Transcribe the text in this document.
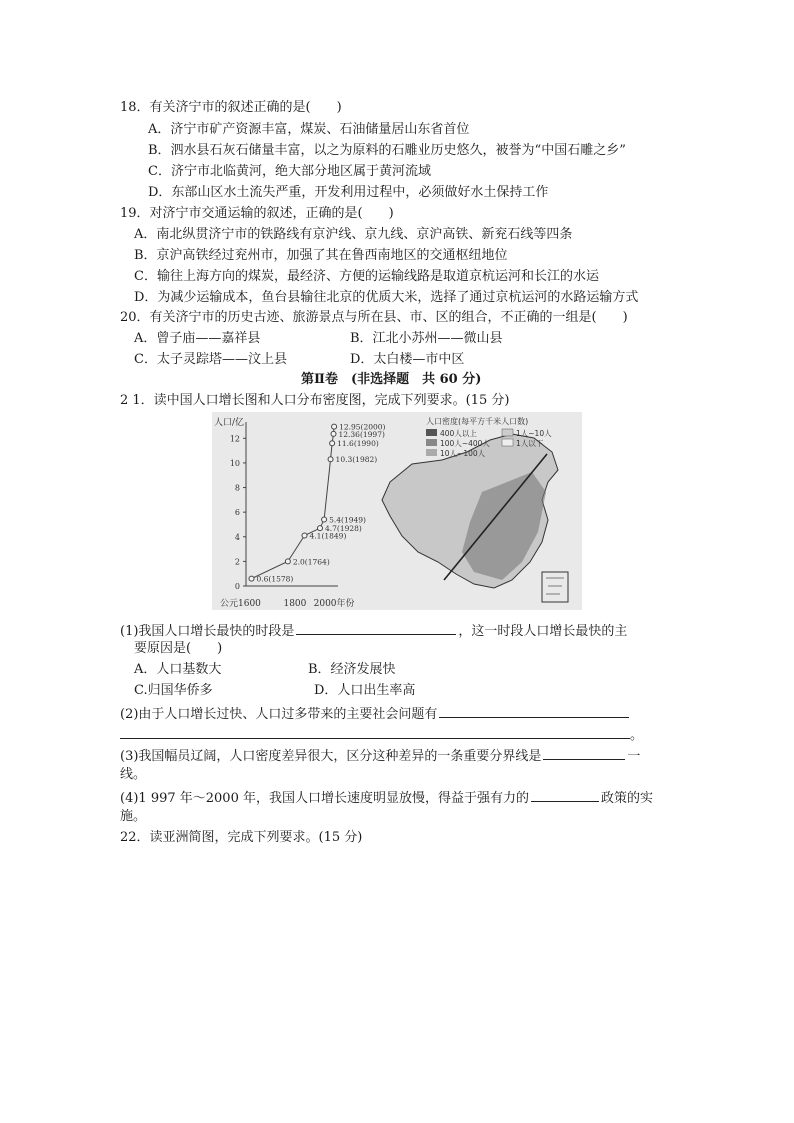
18．有关济宁市的叙述正确的是(　　)
A．济宁市矿产资源丰富，煤炭、石油储量居山东省首位
B．泗水县石灰石储量丰富，以之为原料的石雕业历史悠久，被誉为“中国石雕之乡”
C．济宁市北临黄河，绝大部分地区属于黄河流域
D．东部山区水土流失严重，开发利用过程中，必须做好水土保持工作
19．对济宁市交通运输的叙述，正确的是(　　)
A．南北纵贯济宁市的铁路线有京沪线、京九线、京沪高铁、新兖石线等四条
B．京沪高铁经过兖州市，加强了其在鲁西南地区的交通枢纽地位
C．输往上海方向的煤炭，最经济、方便的运输线路是取道京杭运河和长江的水运
D．为减少运输成本，鱼台县输往北京的优质大米，选择了通过京杭运河的水路运输方式
20．有关济宁市的历史古迹、旅游景点与所在县、市、区的组合，不正确的一组是(　　)
A．曾子庙——嘉祥县	B．江北小苏州——微山县
C．太子灵踪塔——汶上县	D．太白楼—市中区
第Ⅱ卷　(非选择题　共 60 分)
2 1．读中国人口增长图和人口分布密度图，完成下列要求。(15 分)
人口/亿
公元1600
0
2
4
6
8
10
12
1800 2000年份
0.6(1578)
2.0(1764)
4.1(1849)
4.7(1928)
5.4(1949)
10.3(1982)
11.6(1990)
12.36(1997)
12.95(2000)
人口密度(每平方千米人口数)
400人以上
100人~400人
10人~100人
1人~10人
1人以下
(1)我国人口增长最快的时段是	，这一时段人口增长最快的主
要原因是(　　)
A．人口基数大	B．经济发展快
C.归国华侨多	D．人口出生率高
(2)由于人口增长过快、人口过多带来的主要社会问题有
。
(3)我国幅员辽阔，人口密度差异很大，区分这种差异的一条重要分界线是	一
线。
(4)1 997 年～2000 年，我国人口增长速度明显放慢，得益于强有力的	政策的实
施。
22．读亚洲简图，完成下列要求。(15 分)
